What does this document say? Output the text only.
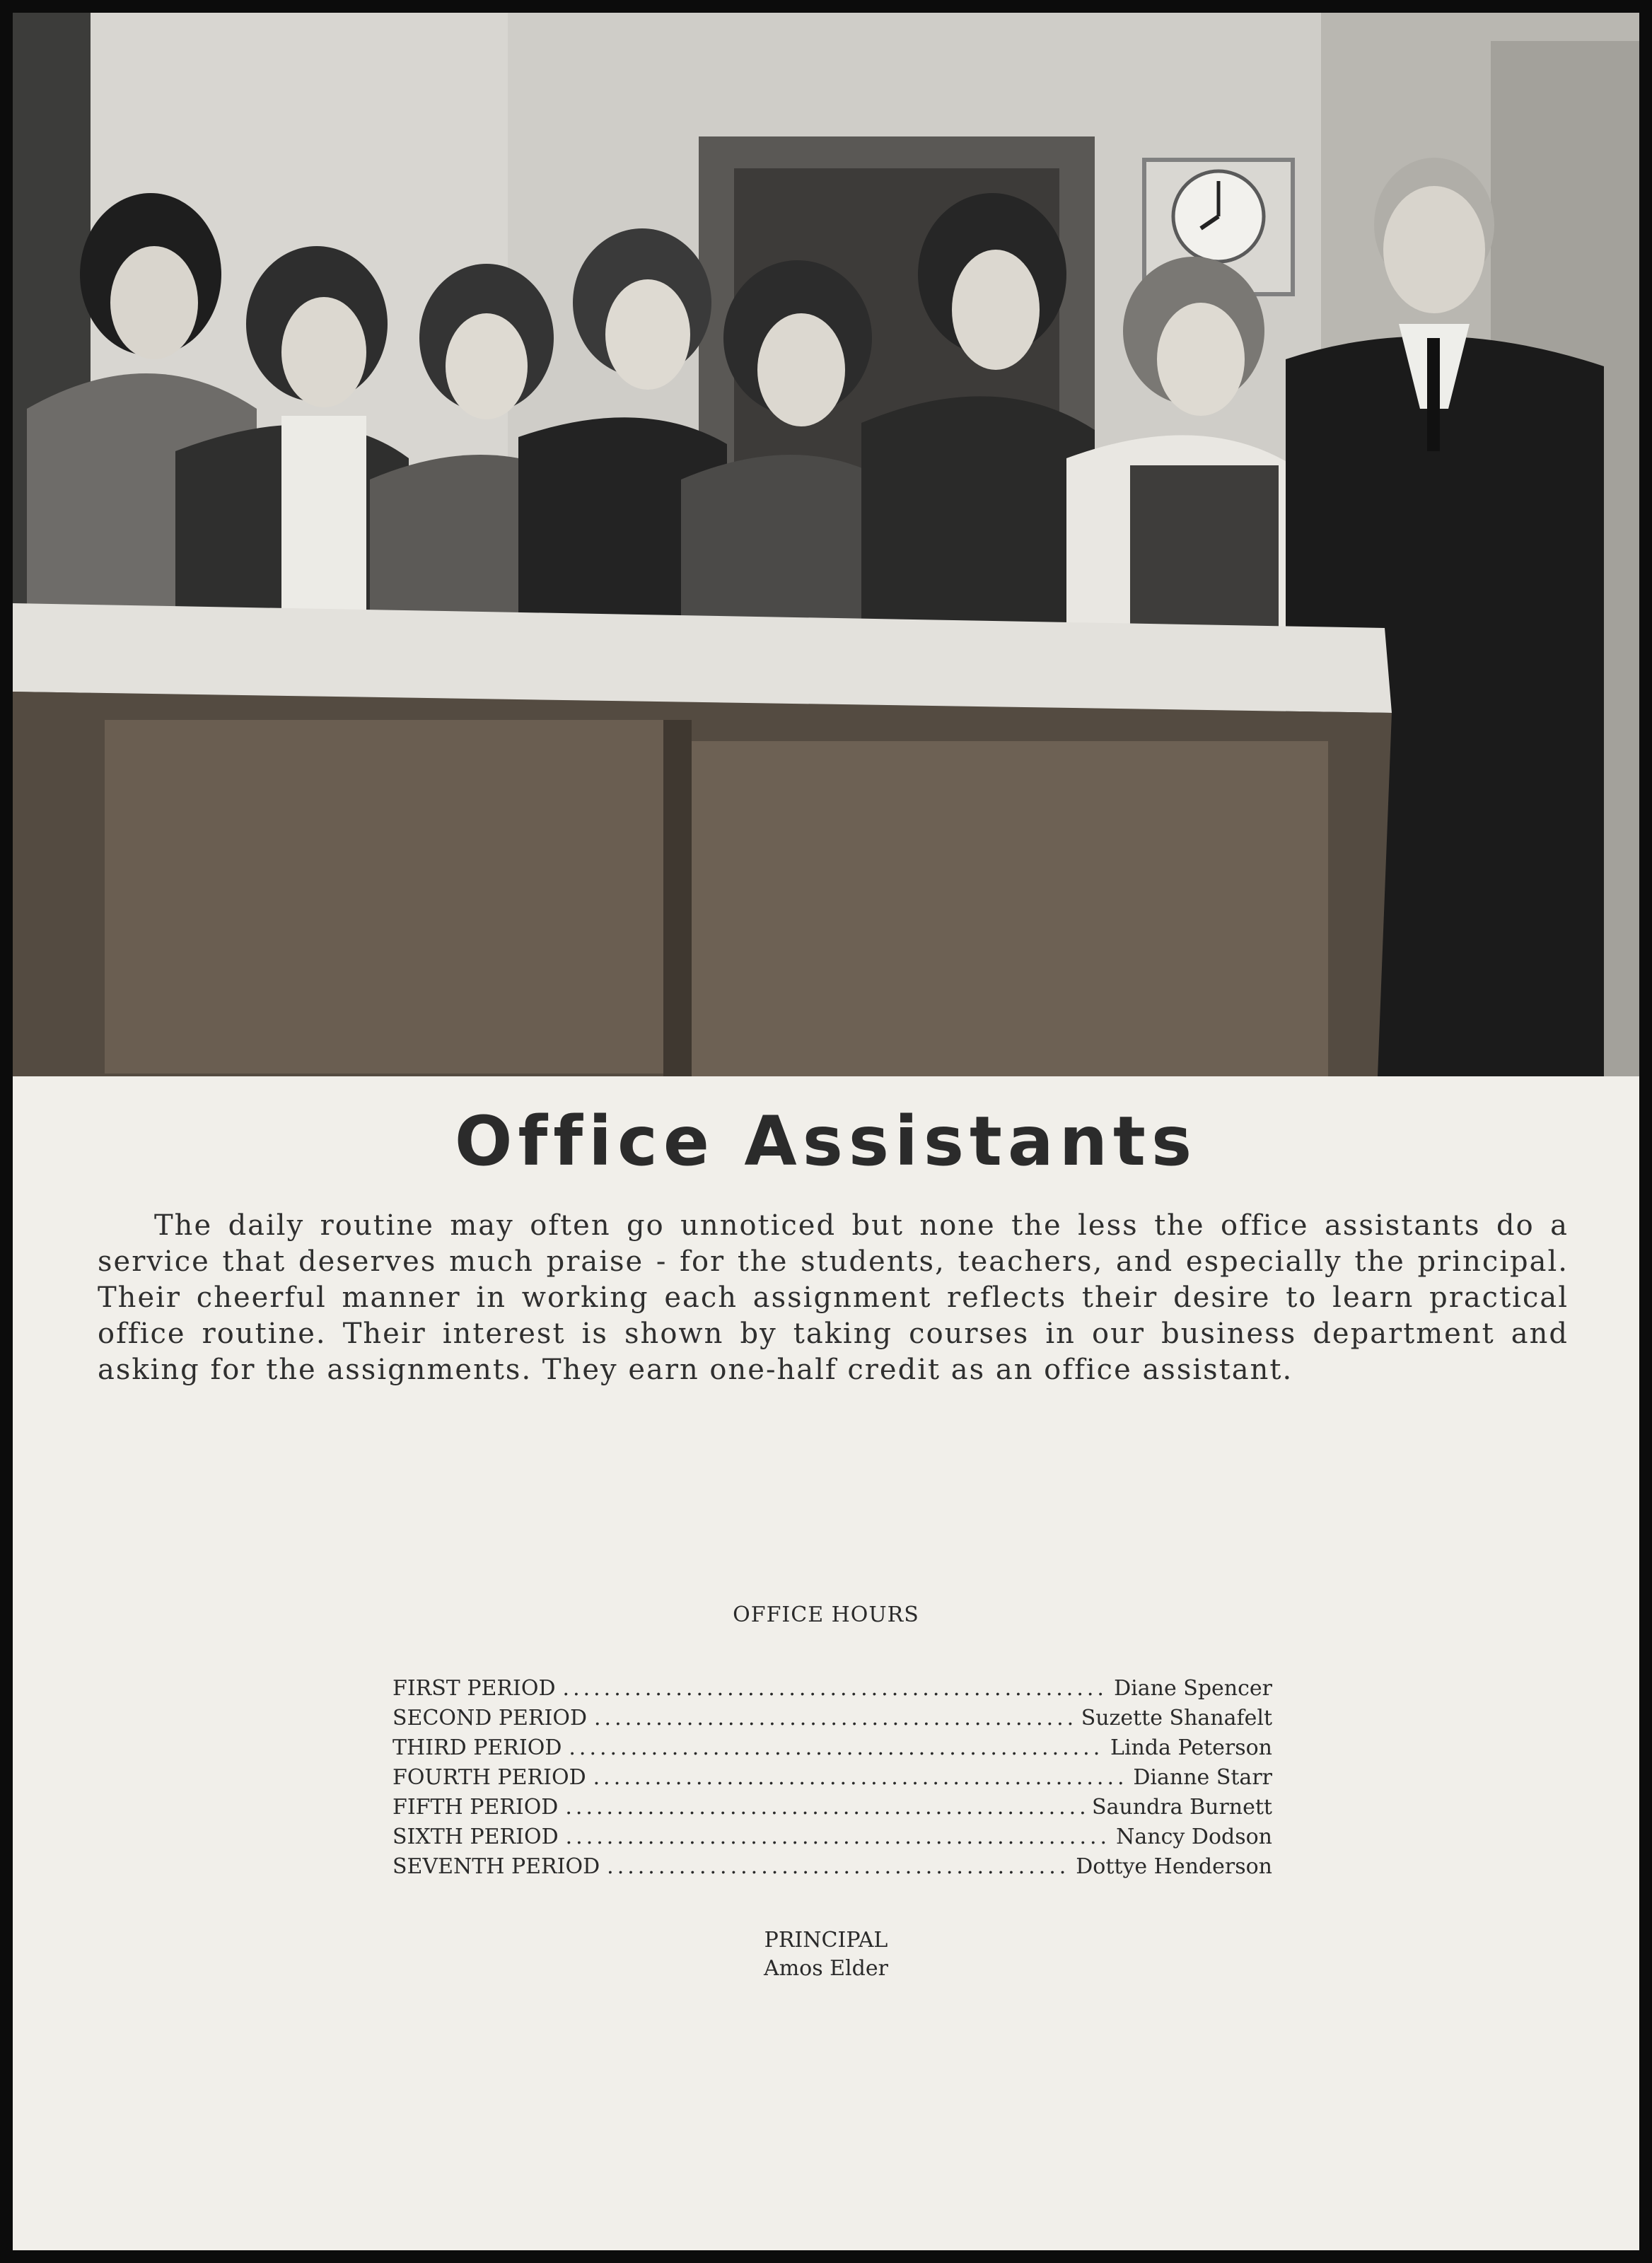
Office Assistants

The daily routine may often go unnoticed but none the less the office assistants do a service that deserves much praise - for the students, teachers, and especially the principal. Their cheerful manner in working each assignment reflects their desire to learn practical office routine. Their interest is shown by taking courses in our business department and asking for the assignments. They earn one-half credit as an office assistant.

OFFICE HOURS
FIRST PERIOD .....	Diane Spencer
SECOND PERIOD .....	Suzette Shanafelt
THIRD PERIOD .....	Linda Peterson
FOURTH PERIOD .....	Dianne Starr
FIFTH PERIOD .....	Saundra Burnett
SIXTH PERIOD .....	Nancy Dodson
SEVENTH PERIOD .....	Dottye Henderson
PRINCIPAL
Amos Elder
